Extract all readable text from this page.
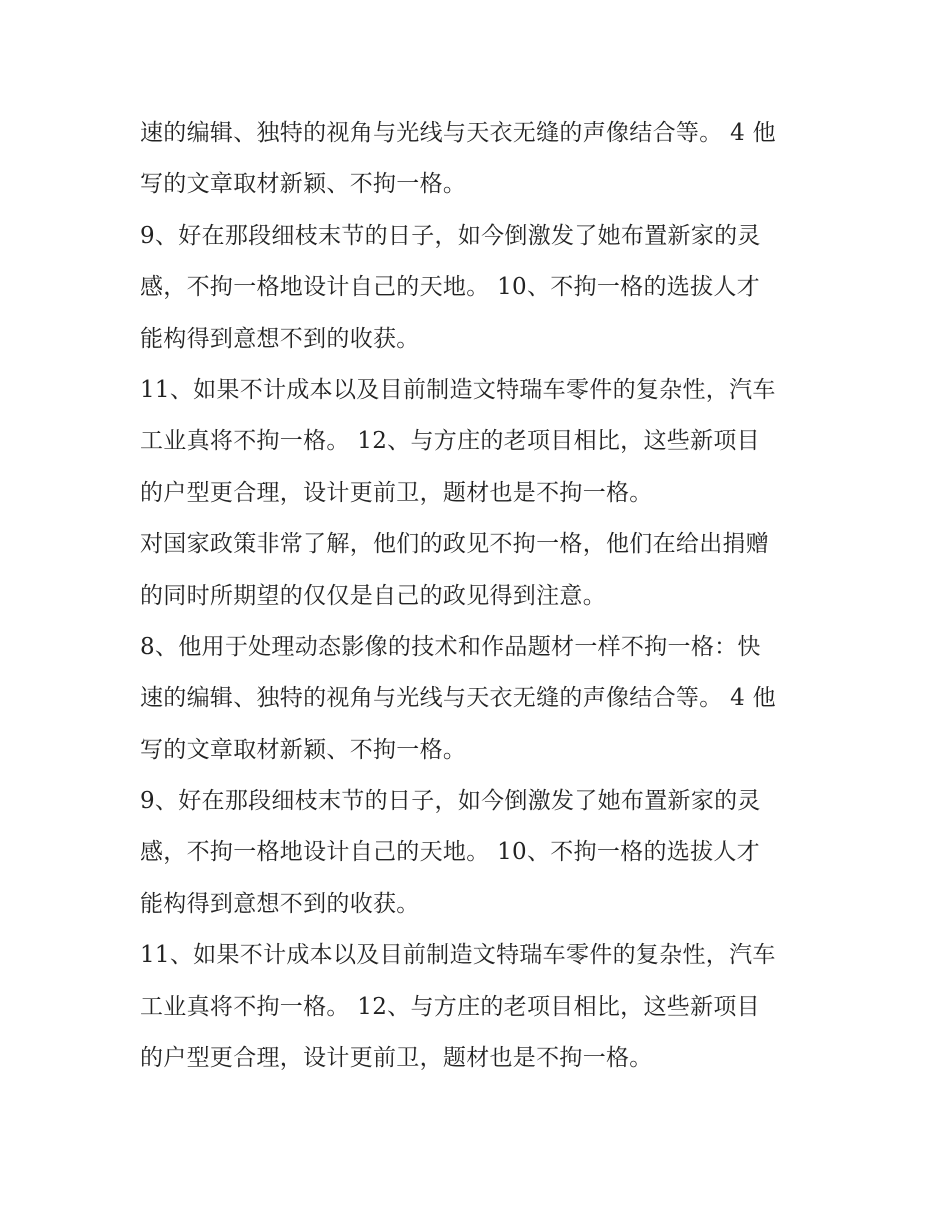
速的编辑、独特的视角与光线与天衣无缝的声像结合等。 4 他
写的文章取材新颖、不拘一格。
9、好在那段细枝末节的日子，如今倒激发了她布置新家的灵
感，不拘一格地设计自己的天地。 10、不拘一格的选拔人才
能构得到意想不到的收获。
11、如果不计成本以及目前制造文特瑞车零件的复杂性，汽车
工业真将不拘一格。 12、与方庄的老项目相比，这些新项目
的户型更合理，设计更前卫，题材也是不拘一格。
对国家政策非常了解，他们的政见不拘一格，他们在给出捐赠
的同时所期望的仅仅是自己的政见得到注意。
8、他用于处理动态影像的技术和作品题材一样不拘一格：快
速的编辑、独特的视角与光线与天衣无缝的声像结合等。 4 他
写的文章取材新颖、不拘一格。
9、好在那段细枝末节的日子，如今倒激发了她布置新家的灵
感，不拘一格地设计自己的天地。 10、不拘一格的选拔人才
能构得到意想不到的收获。
11、如果不计成本以及目前制造文特瑞车零件的复杂性，汽车
工业真将不拘一格。 12、与方庄的老项目相比，这些新项目
的户型更合理，设计更前卫，题材也是不拘一格。
